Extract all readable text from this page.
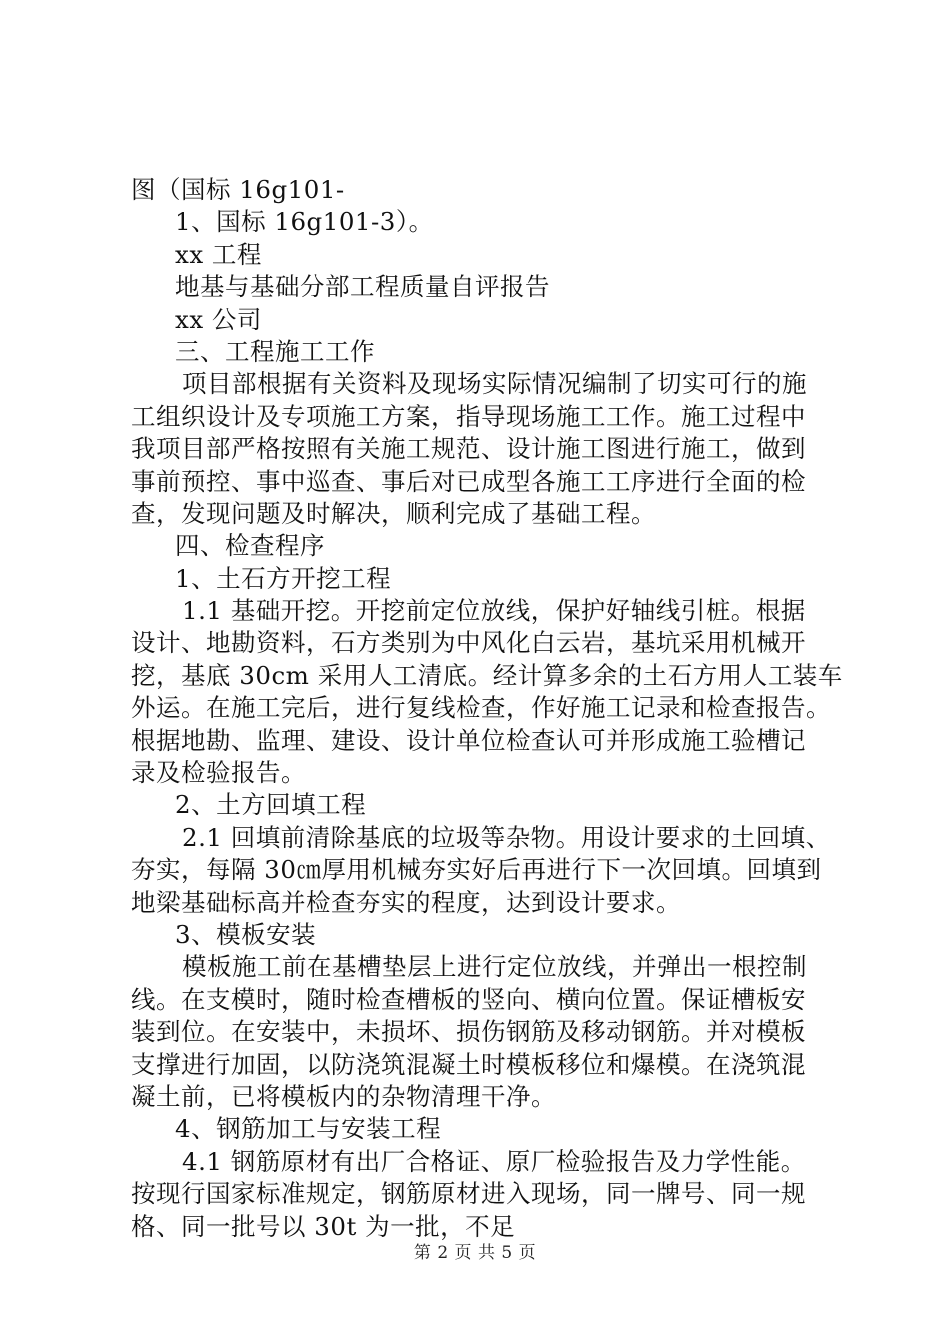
图（国标 16g101-
1、国标 16g101-3）。
xx 工程
地基与基础分部工程质量自评报告
xx 公司
三、工程施工工作
项目部根据有关资料及现场实际情况编制了切实可行的施
工组织设计及专项施工方案，指导现场施工工作。施工过程中
我项目部严格按照有关施工规范、设计施工图进行施工，做到
事前预控、事中巡查、事后对已成型各施工工序进行全面的检
查，发现问题及时解决，顺利完成了基础工程。
四、检查程序
1、土石方开挖工程
1.1 基础开挖。开挖前定位放线，保护好轴线引桩。根据
设计、地勘资料，石方类别为中风化白云岩，基坑采用机械开
挖，基底 30cm 采用人工清底。经计算多余的土石方用人工装车
外运。在施工完后，进行复线检查，作好施工记录和检查报告。
根据地勘、监理、建设、设计单位检查认可并形成施工验槽记
录及检验报告。
2、土方回填工程
2.1 回填前清除基底的垃圾等杂物。用设计要求的土回填、
夯实，每隔 30㎝厚用机械夯实好后再进行下一次回填。回填到
地梁基础标高并检查夯实的程度，达到设计要求。
3、模板安装
模板施工前在基槽垫层上进行定位放线，并弹出一根控制
线。在支模时，随时检查槽板的竖向、横向位置。保证槽板安
装到位。在安装中，未损坏、损伤钢筋及移动钢筋。并对模板
支撑进行加固，以防浇筑混凝土时模板移位和爆模。在浇筑混
凝土前，已将模板内的杂物清理干净。
4、钢筋加工与安装工程
4.1 钢筋原材有出厂合格证、原厂检验报告及力学性能。
按现行国家标准规定，钢筋原材进入现场，同一牌号、同一规
格、同一批号以 30t 为一批，不足
第 2 页 共 5 页
